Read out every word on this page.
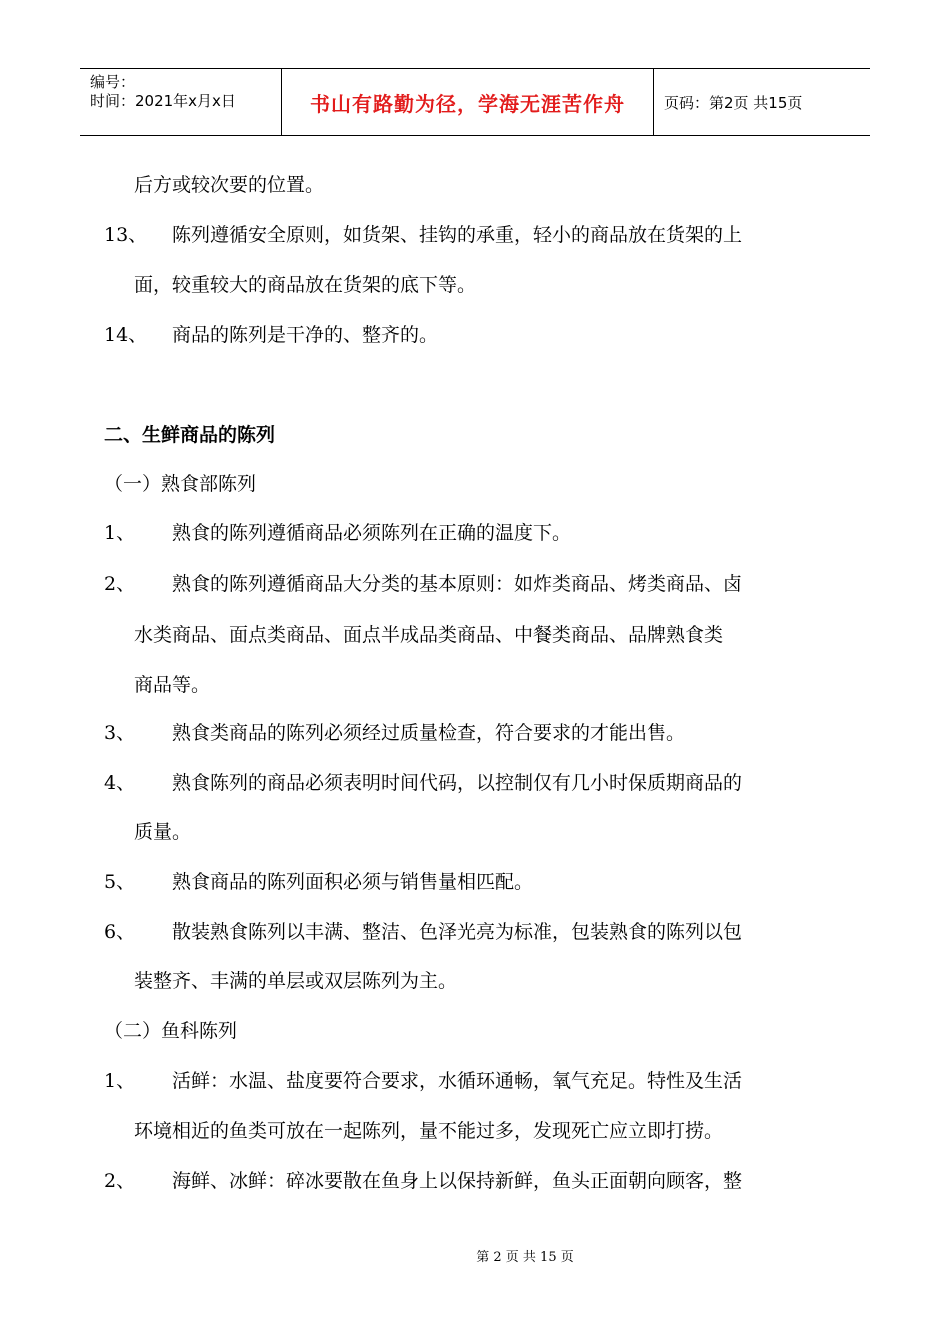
编号：
时间：2021年x月x日	书山有路勤为径，学海无涯苦作舟	页码：第2页 共15页
后方或较次要的位置。
13、 陈列遵循安全原则，如货架、挂钩的承重，轻小的商品放在货架的上
面，较重较大的商品放在货架的底下等。
14、 商品的陈列是干净的、整齐的。
二、生鲜商品的陈列
（一）熟食部陈列
1、 熟食的陈列遵循商品必须陈列在正确的温度下。
2、 熟食的陈列遵循商品大分类的基本原则：如炸类商品、烤类商品、卤
水类商品、面点类商品、面点半成品类商品、中餐类商品、品牌熟食类
商品等。
3、 熟食类商品的陈列必须经过质量检查，符合要求的才能出售。
4、 熟食陈列的商品必须表明时间代码，以控制仅有几小时保质期商品的
质量。
5、 熟食商品的陈列面积必须与销售量相匹配。
6、 散装熟食陈列以丰满、整洁、色泽光亮为标准，包装熟食的陈列以包
装整齐、丰满的单层或双层陈列为主。
（二）鱼科陈列
1、 活鲜：水温、盐度要符合要求，水循环通畅，氧气充足。特性及生活
环境相近的鱼类可放在一起陈列，量不能过多，发现死亡应立即打捞。
2、 海鲜、冰鲜：碎冰要散在鱼身上以保持新鲜，鱼头正面朝向顾客，整
第 2 页 共 15 页
